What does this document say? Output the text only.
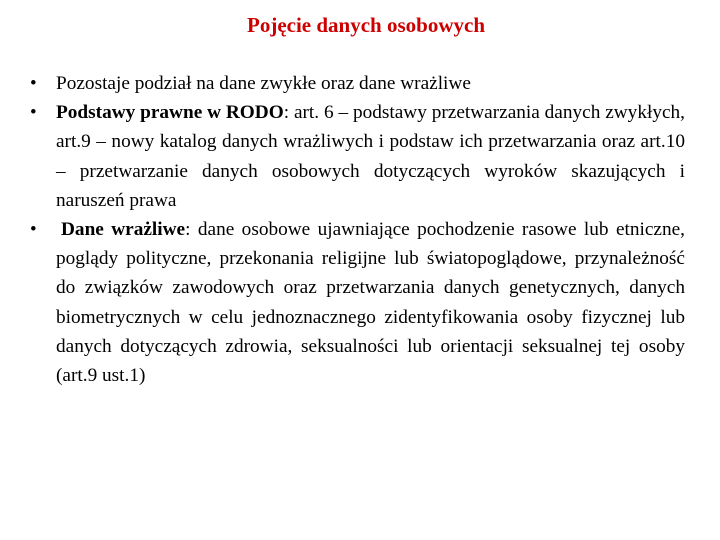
Pojęcie danych osobowych
• Pozostaje podział na dane zwykłe oraz dane wrażliwe
• Podstawy prawne w RODO: art. 6 – podstawy przetwarzania danych zwykłych, art.9 – nowy katalog danych wrażliwych i podstaw ich przetwarzania oraz art.10 – przetwarzanie danych osobowych dotyczących wyroków skazujących i naruszeń prawa
• Dane wrażliwe: dane osobowe ujawniające pochodzenie rasowe lub etniczne, poglądy polityczne, przekonania religijne lub światopoglądowe, przynależność do związków zawodowych oraz przetwarzania danych genetycznych, danych biometrycznych w celu jednoznacznego zidentyfikowania osoby fizycznej lub danych dotyczących zdrowia, seksualności lub orientacji seksualnej tej osoby (art.9 ust.1)
